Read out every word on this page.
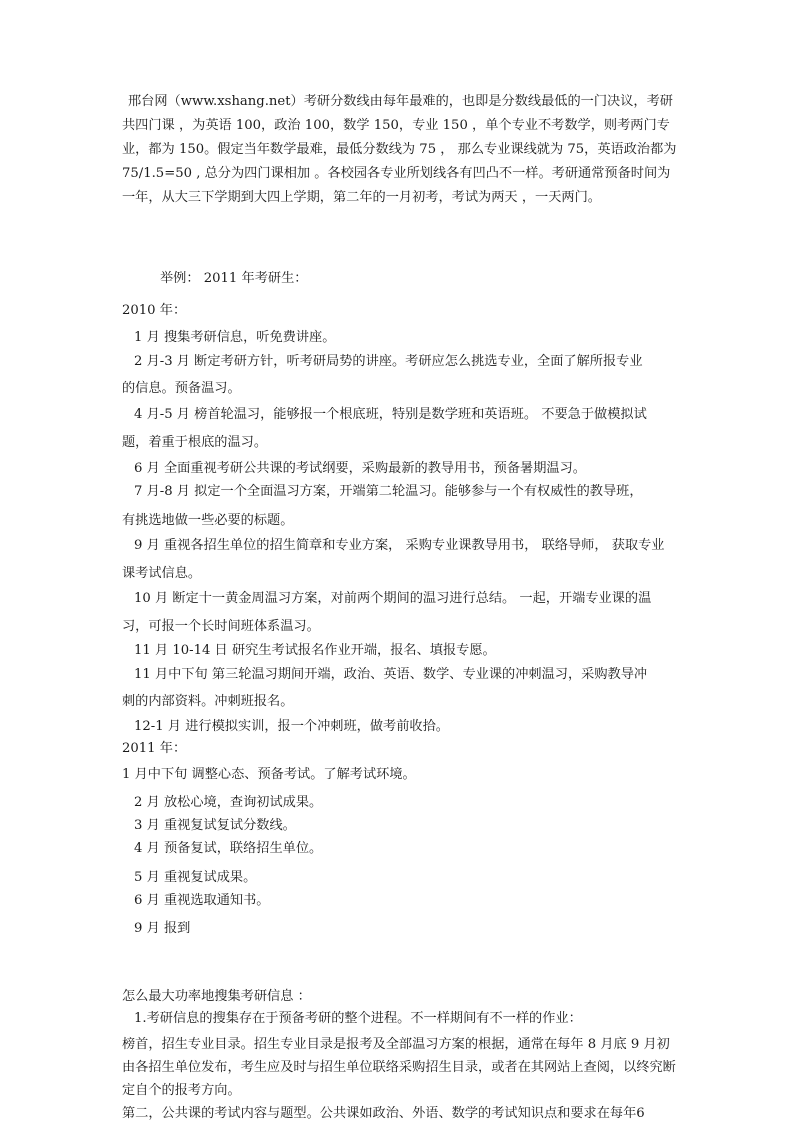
邢台网（www.xshang.net）考研分数线由每年最难的，也即是分数线最低的一门决议，考研共四门课 ，为英语 100，政治 100，数学 150，专业 150 ，单个专业不考数学，则考两门专业，都为 150。假定当年数学最难，最低分数线为 75 ， 那么专业课线就为 75，英语政治都为 75/1.5=50 , 总分为四门课相加 。各校园各专业所划线各有凹凸不一样。考研通常预备时间为一年，从大三下学期到大四上学期，第二年的一月初考，考试为两天 ，一天两门。

举例： 2011 年考研生：
2010 年：
1 月 搜集考研信息，听免费讲座。
2 月-3 月 断定考研方针，听考研局势的讲座。考研应怎么挑选专业，全面了解所报专业
的信息。预备温习。
4 月-5 月 榜首轮温习，能够报一个根底班，特别是数学班和英语班。 不要急于做模拟试
题，着重于根底的温习。
6 月 全面重视考研公共课的考试纲要，采购最新的教导用书，预备暑期温习。
7 月-8 月 拟定一个全面温习方案，开端第二轮温习。能够参与一个有权威性的教导班，
有挑选地做一些必要的标题。
9 月 重视各招生单位的招生简章和专业方案， 采购专业课教导用书， 联络导师， 获取专业
课考试信息。
10 月 断定十一黄金周温习方案，对前两个期间的温习进行总结。 一起，开端专业课的温
习，可报一个长时间班体系温习。
11 月 10-14 日 研究生考试报名作业开端，报名、填报专愿。
11 月中下旬 第三轮温习期间开端，政治、英语、数学、专业课的冲刺温习，采购教导冲
刺的内部资料。冲刺班报名。
12-1 月 进行模拟实训，报一个冲刺班，做考前收拾。
2011 年：
1 月中下旬 调整心态、预备考试。了解考试环境。
2 月 放松心境，查询初试成果。
3 月 重视复试复试分数线。
4 月 预备复试，联络招生单位。
5 月 重视复试成果。
6 月 重视选取通知书。
9 月 报到
怎么最大功率地搜集考研信息 ：
1.考研信息的搜集存在于预备考研的整个进程。不一样期间有不一样的作业：

榜首，招生专业目录。招生专业目录是报考及全部温习方案的根据，通常在每年 8 月底 9 月初由各招生单位发布，考生应及时与招生单位联络采购招生目录，或者在其网站上查阅，以终究断定自个的报考方向。

第二，公共课的考试内容与题型。公共课如政治、外语、数学的考试知识点和要求在每年6
